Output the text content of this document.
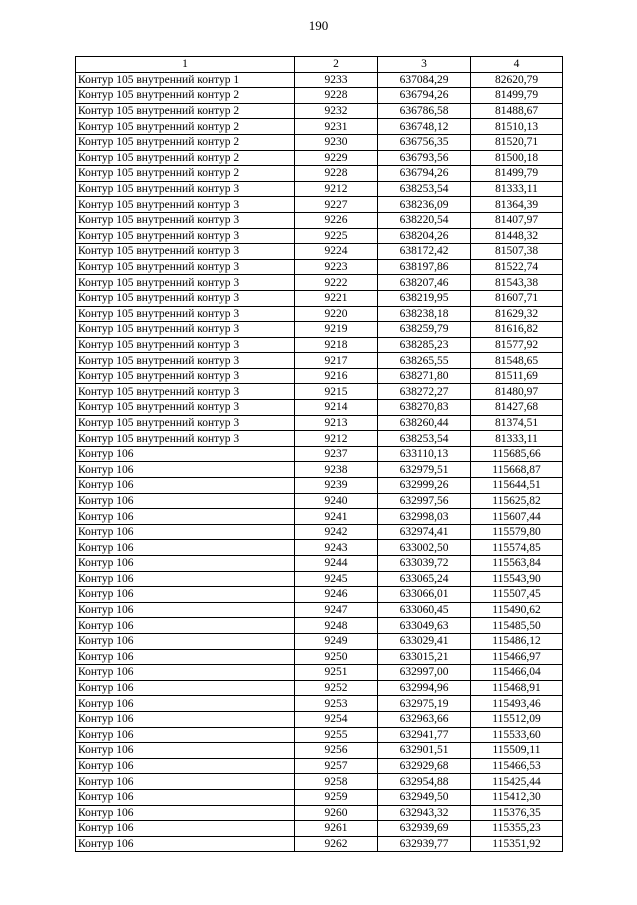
190
1	2	3	4
Контур 105 внутренний контур 1	9233	637084,29	82620,79
Контур 105 внутренний контур 2	9228	636794,26	81499,79
Контур 105 внутренний контур 2	9232	636786,58	81488,67
Контур 105 внутренний контур 2	9231	636748,12	81510,13
Контур 105 внутренний контур 2	9230	636756,35	81520,71
Контур 105 внутренний контур 2	9229	636793,56	81500,18
Контур 105 внутренний контур 2	9228	636794,26	81499,79
Контур 105 внутренний контур 3	9212	638253,54	81333,11
Контур 105 внутренний контур 3	9227	638236,09	81364,39
Контур 105 внутренний контур 3	9226	638220,54	81407,97
Контур 105 внутренний контур 3	9225	638204,26	81448,32
Контур 105 внутренний контур 3	9224	638172,42	81507,38
Контур 105 внутренний контур 3	9223	638197,86	81522,74
Контур 105 внутренний контур 3	9222	638207,46	81543,38
Контур 105 внутренний контур 3	9221	638219,95	81607,71
Контур 105 внутренний контур 3	9220	638238,18	81629,32
Контур 105 внутренний контур 3	9219	638259,79	81616,82
Контур 105 внутренний контур 3	9218	638285,23	81577,92
Контур 105 внутренний контур 3	9217	638265,55	81548,65
Контур 105 внутренний контур 3	9216	638271,80	81511,69
Контур 105 внутренний контур 3	9215	638272,27	81480,97
Контур 105 внутренний контур 3	9214	638270,83	81427,68
Контур 105 внутренний контур 3	9213	638260,44	81374,51
Контур 105 внутренний контур 3	9212	638253,54	81333,11
Контур 106	9237	633110,13	115685,66
Контур 106	9238	632979,51	115668,87
Контур 106	9239	632999,26	115644,51
Контур 106	9240	632997,56	115625,82
Контур 106	9241	632998,03	115607,44
Контур 106	9242	632974,41	115579,80
Контур 106	9243	633002,50	115574,85
Контур 106	9244	633039,72	115563,84
Контур 106	9245	633065,24	115543,90
Контур 106	9246	633066,01	115507,45
Контур 106	9247	633060,45	115490,62
Контур 106	9248	633049,63	115485,50
Контур 106	9249	633029,41	115486,12
Контур 106	9250	633015,21	115466,97
Контур 106	9251	632997,00	115466,04
Контур 106	9252	632994,96	115468,91
Контур 106	9253	632975,19	115493,46
Контур 106	9254	632963,66	115512,09
Контур 106	9255	632941,77	115533,60
Контур 106	9256	632901,51	115509,11
Контур 106	9257	632929,68	115466,53
Контур 106	9258	632954,88	115425,44
Контур 106	9259	632949,50	115412,30
Контур 106	9260	632943,32	115376,35
Контур 106	9261	632939,69	115355,23
Контур 106	9262	632939,77	115351,92
